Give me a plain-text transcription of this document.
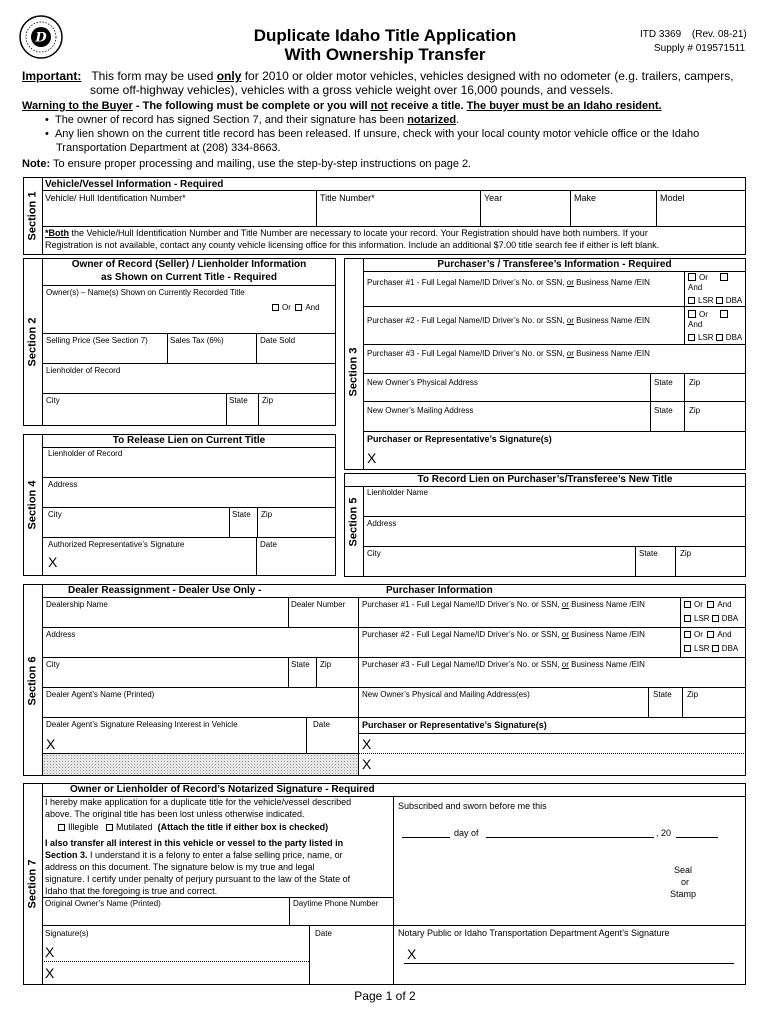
D	Duplicate Idaho Title Application
With Ownership Transfer
ITD 3369 (Rev. 08-21)
Supply # 019571511
Important: This form may be used only for 2010 or older motor vehicles, vehicles designed with no odometer (e.g. trailers, campers,
some off-highway vehicles), vehicles with a gross vehicle weight over 16,000 pounds, and vessels.
Warning to the Buyer - The following must be complete or you will not receive a title. The buyer must be an Idaho resident.
•  The owner of record has signed Section 7, and their signature has been notarized.
•  Any lien shown on the current title record has been released. If unsure, check with your local county motor vehicle office or the Idaho
Transportation Department at (208) 334-8663.
Note: To ensure proper processing and mailing, use the step-by-step instructions on page 2.
Section 1
Vehicle/Vessel Information - Required
Vehicle/ Hull Identification Number*	Title Number*	Year	Make	Model
*Both the Vehicle/Hull Identification Number and Title Number are necessary to locate your record. Your Registration should have both numbers. If your
Registration is not available, contact any county vehicle licensing office for this information. Include an additional $7.00 title search fee if either is left blank.
Section 2
Owner of Record (Seller) / Lienholder Information
as Shown on Current Title - Required
Owner(s) – Name(s) Shown on Currently Recorded Title
Or And
Selling Price (See Section 7)	Sales Tax (6%)	Date Sold
Lienholder of Record
City	State Zip
Section 4
To Release Lien on Current Title
Lienholder of Record
Address
City	State Zip
Authorized Representative’s Signature	Date
X
Section 3
Purchaser’s / Transferee’s Information - Required
Purchaser #1 - Full Legal Name/ID Driver’s No. or SSN, or Business Name /EIN
Or
And
LSR DBA
Purchaser #2 - Full Legal Name/ID Driver’s No. or SSN, or Business Name /EIN
Or
And
LSR DBA
Purchaser #3 - Full Legal Name/ID Driver’s No. or SSN, or Business Name /EIN
New Owner’s Physical Address	State Zip
New Owner’s Mailing Address	State Zip
Purchaser or Representative’s Signature(s)
X
Section 5
To Record Lien on Purchaser’s/Transferee’s New Title
Lienholder Name
Address
City	State	Zip
Section 6
Dealer Reassignment - Dealer Use Only -	Purchaser Information
Dealership Name	Dealer Number
Address
City	State Zip
Dealer Agent’s Name (Printed)
Dealer Agent’s Signature Releasing Interest in Vehicle	Date
X
Purchaser #1 - Full Legal Name/ID Driver’s No. or SSN, or Business Name /EIN	Or And
LSR DBA
Purchaser #2 - Full Legal Name/ID Driver’s No. or SSN, or Business Name /EIN	Or And
LSR DBA
Purchaser #3 - Full Legal Name/ID Driver’s No. or SSN, or Business Name /EIN
New Owner’s Physical and Mailing Address(es)	State Zip
Purchaser or Representative’s Signature(s)
X
X
Section 7
Owner or Lienholder of Record’s Notarized Signature - Required
I hereby make application for a duplicate title for the vehicle/vessel described
above. The original title has been lost unless otherwise indicated.
Illegible Mutilated (Attach the title if either box is checked)
I also transfer all interest in this vehicle or vessel to the party listed in
Section 3. I understand it is a felony to enter a false selling price, name, or
address on this document. The signature below is my true and legal
signature. I certify under penalty of perjury pursuant to the law of the State of
Idaho that the foregoing is true and correct.
Original Owner’s Name (Printed)	Daytime Phone Number
Signature(s)	Date
X
X
Subscribed and sworn before me this
day of	, 20
Seal
or
Stamp
Notary Public or Idaho Transportation Department Agent’s Signature
X
Page 1 of 2
